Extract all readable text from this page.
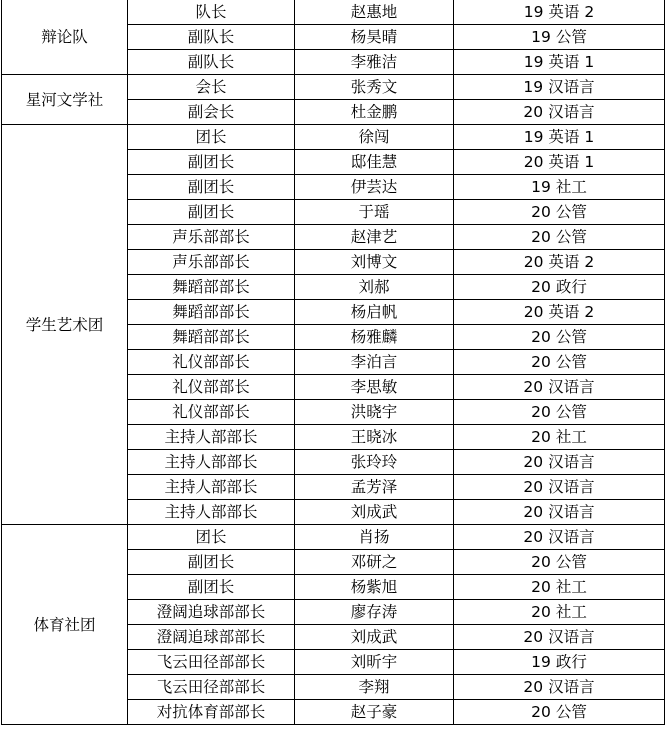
辩论队	队长	赵惠地	19 英语 2
	副队长	杨昊晴	19 公管
	副队长	李雅洁	19 英语 1
星河文学社	会长	张秀文	19 汉语言
	副会长	杜金鹏	20 汉语言
学生艺术团	团长	徐闯	19 英语 1
	副团长	邸佳慧	20 英语 1
	副团长	伊芸达	19 社工
	副团长	于瑶	20 公管
	声乐部部长	赵津艺	20 公管
	声乐部部长	刘博文	20 英语 2
	舞蹈部部长	刘郝	20 政行
	舞蹈部部长	杨启帆	20 英语 2
	舞蹈部部长	杨雅麟	20 公管
	礼仪部部长	李泊言	20 公管
	礼仪部部长	李思敏	20 汉语言
	礼仪部部长	洪晓宇	20 公管
	主持人部部长	王晓冰	20 社工
	主持人部部长	张玲玲	20 汉语言
	主持人部部长	孟芳泽	20 汉语言
	主持人部部长	刘成武	20 汉语言
体育社团	团长	肖扬	20 汉语言
	副团长	邓研之	20 公管
	副团长	杨紫旭	20 社工
	澄阔追球部部长	廖存涛	20 社工
	澄阔追球部部长	刘成武	20 汉语言
	飞云田径部部长	刘昕宇	19 政行
	飞云田径部部长	李翔	20 汉语言
	对抗体育部部长	赵子豪	20 公管
